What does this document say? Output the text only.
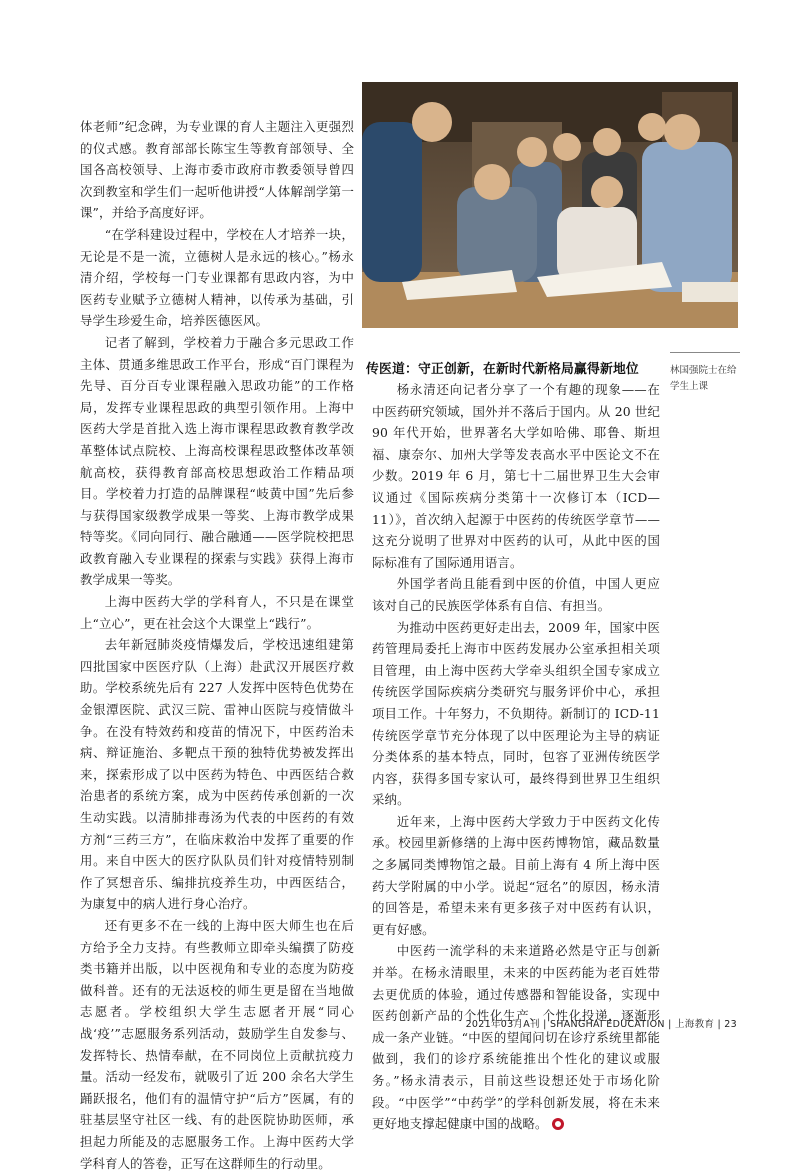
体老师”纪念碑，为专业课的育人主题注入更强烈的仪式感。教育部部长陈宝生等教育部领导、全国各高校领导、上海市委市政府市教委领导曾四次到教室和学生们一起听他讲授“人体解剖学第一课”，并给予高度好评。

“在学科建设过程中，学校在人才培养一块，无论是不是一流，立德树人是永远的核心。”杨永清介绍，学校每一门专业课都有思政内容，为中医药专业赋予立德树人精神，以传承为基础，引导学生珍爱生命，培养医德医风。

记者了解到，学校着力于融合多元思政工作主体、贯通多维思政工作平台，形成“百门课程为先导、百分百专业课程融入思政功能”的工作格局，发挥专业课程思政的典型引领作用。上海中医药大学是首批入选上海市课程思政教育教学改革整体试点院校、上海高校课程思政整体改革领航高校，获得教育部高校思想政治工作精品项目。学校着力打造的品牌课程“岐黄中国”先后参与获得国家级教学成果一等奖、上海市教学成果特等奖。《同向同行、融合融通——医学院校把思政教育融入专业课程的探索与实践》获得上海市教学成果一等奖。

上海中医药大学的学科育人，不只是在课堂上“立心”，更在社会这个大课堂上“践行”。

去年新冠肺炎疫情爆发后，学校迅速组建第四批国家中医医疗队（上海）赴武汉开展医疗救助。学校系统先后有 227 人发挥中医特色优势在金银潭医院、武汉三院、雷神山医院与疫情做斗争。在没有特效药和疫苗的情况下，中医药治未病、辩证施治、多靶点干预的独特优势被发挥出来，探索形成了以中医药为特色、中西医结合救治患者的系统方案，成为中医药传承创新的一次生动实践。以清肺排毒汤为代表的中医药的有效方剂“三药三方”，在临床救治中发挥了重要的作用。来自中医大的医疗队队员们针对疫情特别制作了冥想音乐、编排抗疫养生功，中西医结合，为康复中的病人进行身心治疗。

还有更多不在一线的上海中医大师生也在后方给予全力支持。有些教师立即牵头编撰了防疫类书籍并出版，以中医视角和专业的态度为防疫做科普。还有的无法返校的师生更是留在当地做志愿者。学校组织大学生志愿者开展“同心战‘疫’”志愿服务系列活动，鼓励学生自发参与、发挥特长、热情奉献，在不同岗位上贡献抗疫力量。活动一经发布，就吸引了近 200 余名大学生踊跃报名，他们有的温情守护“后方”医属，有的驻基层坚守社区一线、有的赴医院协助医师，承担起力所能及的志愿服务工作。上海中医药大学学科育人的答卷，正写在这群师生的行动里。

林国强院士在给学生上课
传医道：守正创新，在新时代新格局赢得新地位

杨永清还向记者分享了一个有趣的现象——在中医药研究领域，国外并不落后于国内。从 20 世纪 90 年代开始，世界著名大学如哈佛、耶鲁、斯坦福、康奈尔、加州大学等发表高水平中医论文不在少数。2019 年 6 月，第七十二届世界卫生大会审议通过《国际疾病分类第十一次修订本（ICD—11）》，首次纳入起源于中医药的传统医学章节——这充分说明了世界对中医药的认可，从此中医的国际标准有了国际通用语言。

外国学者尚且能看到中医的价值，中国人更应该对自己的民族医学体系有自信、有担当。

为推动中医药更好走出去，2009 年，国家中医药管理局委托上海市中医药发展办公室承担相关项目管理，由上海中医药大学牵头组织全国专家成立传统医学国际疾病分类研究与服务评价中心，承担项目工作。十年努力，不负期待。新制订的 ICD-11 传统医学章节充分体现了以中医理论为主导的病证分类体系的基本特点，同时，包容了亚洲传统医学内容，获得多国专家认可，最终得到世界卫生组织采纳。

近年来，上海中医药大学致力于中医药文化传承。校园里新修缮的上海中医药博物馆，藏品数量之多属同类博物馆之最。目前上海有 4 所上海中医药大学附属的中小学。说起“冠名”的原因，杨永清的回答是，希望未来有更多孩子对中医药有认识，更有好感。

中医药一流学科的未来道路必然是守正与创新并举。在杨永清眼里，未来的中医药能为老百姓带去更优质的体验，通过传感器和智能设备，实现中医药创新产品的个性化生产、个性化投递，逐渐形成一条产业链。“中医的望闻问切在诊疗系统里都能做到，我们的诊疗系统能推出个性化的建议或服务。”杨永清表示，目前这些设想还处于市场化阶段。“中医学”“中药学”的学科创新发展，将在未来更好地支撑起健康中国的战略。

2021年03月A刊 | SHANGHAI EDUCATION | 上海教育 | 23
